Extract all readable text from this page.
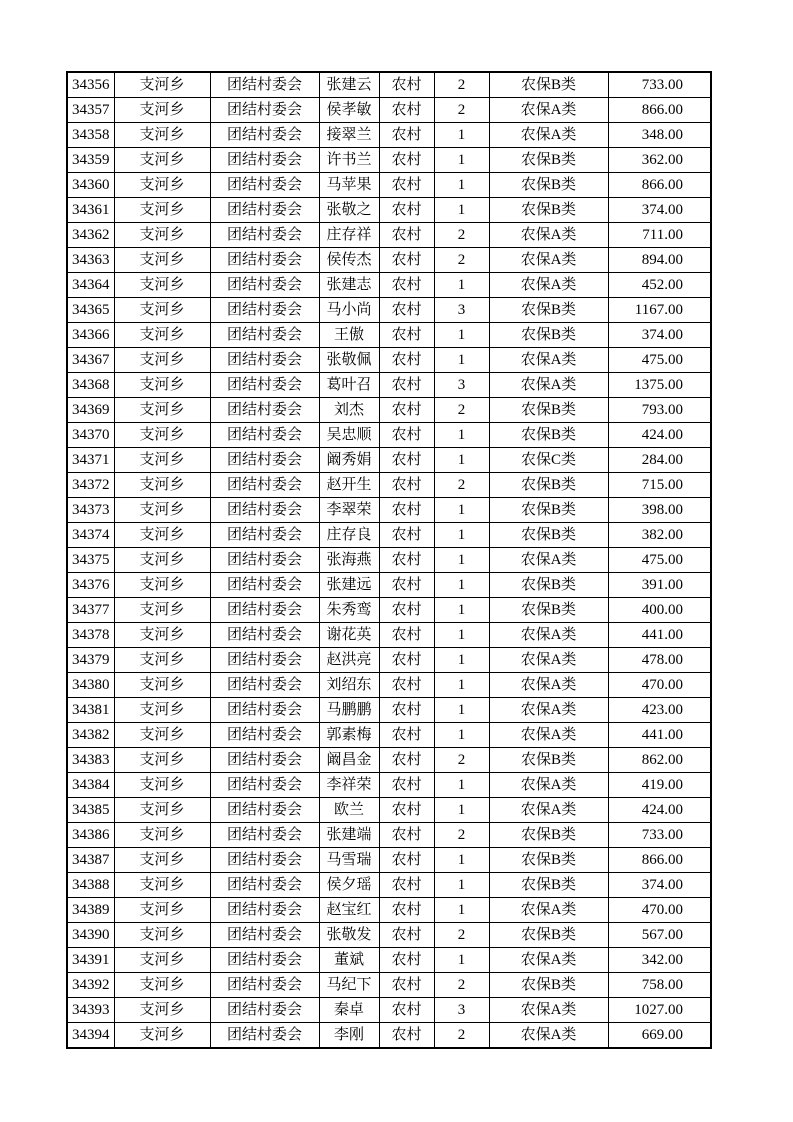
34356	支河乡	团结村委会	张建云	农村	2	农保B类	733.00
34357	支河乡	团结村委会	侯孝敏	农村	2	农保A类	866.00
34358	支河乡	团结村委会	接翠兰	农村	1	农保A类	348.00
34359	支河乡	团结村委会	许书兰	农村	1	农保B类	362.00
34360	支河乡	团结村委会	马苹果	农村	1	农保B类	866.00
34361	支河乡	团结村委会	张敬之	农村	1	农保B类	374.00
34362	支河乡	团结村委会	庄存祥	农村	2	农保A类	711.00
34363	支河乡	团结村委会	侯传杰	农村	2	农保A类	894.00
34364	支河乡	团结村委会	张建志	农村	1	农保A类	452.00
34365	支河乡	团结村委会	马小尚	农村	3	农保B类	1167.00
34366	支河乡	团结村委会	王傲	农村	1	农保B类	374.00
34367	支河乡	团结村委会	张敬佩	农村	1	农保A类	475.00
34368	支河乡	团结村委会	葛叶召	农村	3	农保A类	1375.00
34369	支河乡	团结村委会	刘杰	农村	2	农保B类	793.00
34370	支河乡	团结村委会	吴忠顺	农村	1	农保B类	424.00
34371	支河乡	团结村委会	阚秀娟	农村	1	农保C类	284.00
34372	支河乡	团结村委会	赵开生	农村	2	农保B类	715.00
34373	支河乡	团结村委会	李翠荣	农村	1	农保B类	398.00
34374	支河乡	团结村委会	庄存良	农村	1	农保B类	382.00
34375	支河乡	团结村委会	张海燕	农村	1	农保A类	475.00
34376	支河乡	团结村委会	张建远	农村	1	农保B类	391.00
34377	支河乡	团结村委会	朱秀鸾	农村	1	农保B类	400.00
34378	支河乡	团结村委会	谢花英	农村	1	农保A类	441.00
34379	支河乡	团结村委会	赵洪亮	农村	1	农保A类	478.00
34380	支河乡	团结村委会	刘绍东	农村	1	农保A类	470.00
34381	支河乡	团结村委会	马鹏鹏	农村	1	农保A类	423.00
34382	支河乡	团结村委会	郭素梅	农村	1	农保A类	441.00
34383	支河乡	团结村委会	阚昌金	农村	2	农保B类	862.00
34384	支河乡	团结村委会	李祥荣	农村	1	农保A类	419.00
34385	支河乡	团结村委会	欧兰	农村	1	农保A类	424.00
34386	支河乡	团结村委会	张建端	农村	2	农保B类	733.00
34387	支河乡	团结村委会	马雪瑞	农村	1	农保B类	866.00
34388	支河乡	团结村委会	侯夕瑶	农村	1	农保B类	374.00
34389	支河乡	团结村委会	赵宝红	农村	1	农保A类	470.00
34390	支河乡	团结村委会	张敬发	农村	2	农保B类	567.00
34391	支河乡	团结村委会	董斌	农村	1	农保A类	342.00
34392	支河乡	团结村委会	马纪下	农村	2	农保B类	758.00
34393	支河乡	团结村委会	秦卓	农村	3	农保A类	1027.00
34394	支河乡	团结村委会	李刚	农村	2	农保A类	669.00
